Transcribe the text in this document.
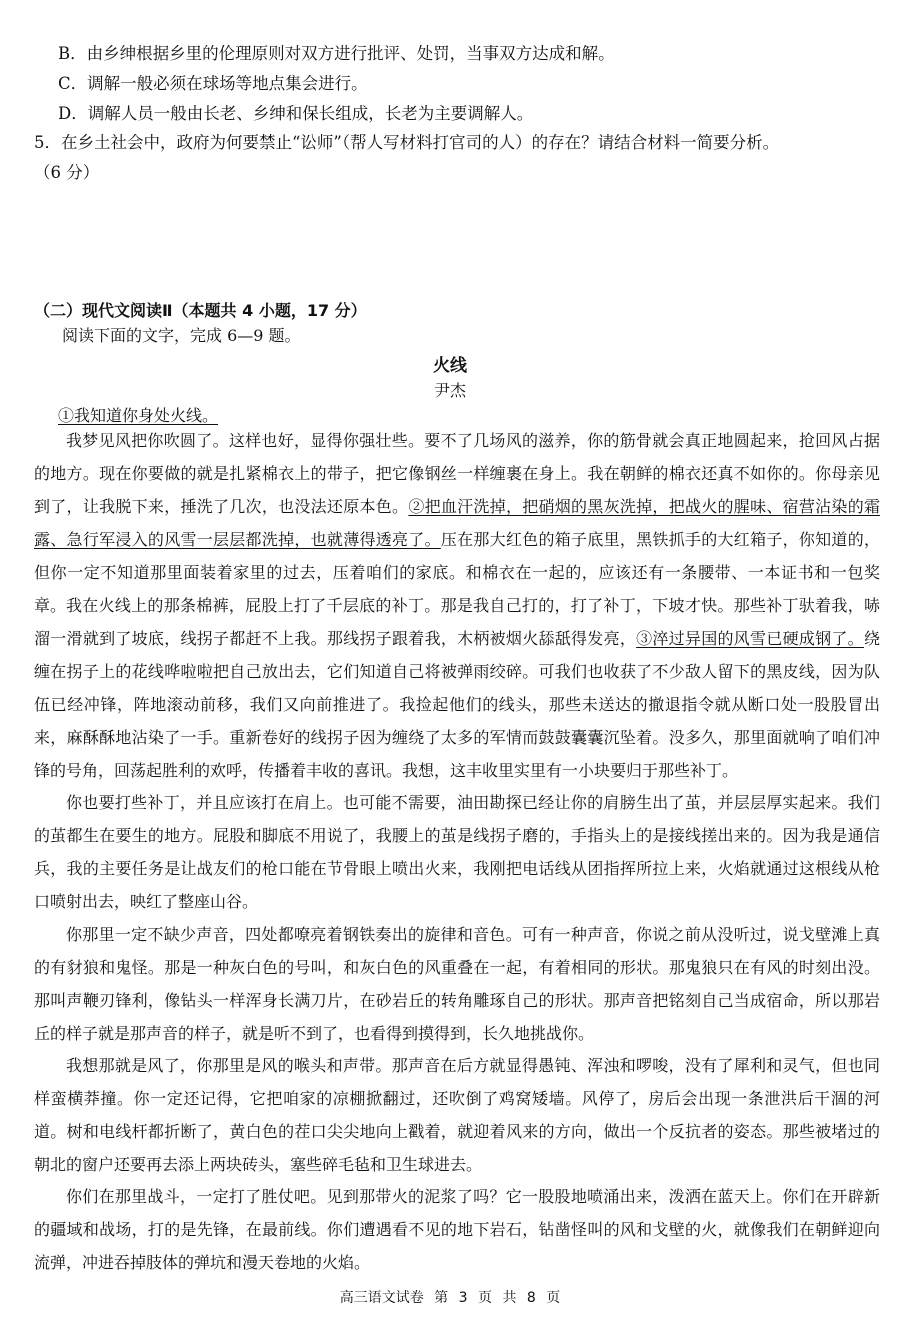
B．由乡绅根据乡里的伦理原则对双方进行批评、处罚，当事双方达成和解。
C．调解一般必须在球场等地点集会进行。
D．调解人员一般由长老、乡绅和保长组成，长老为主要调解人。
5．在乡土社会中，政府为何要禁止“讼师”（帮人写材料打官司的人）的存在？请结合材料一简要分析。
（6 分）
（二）现代文阅读Ⅱ（本题共 4 小题，17 分）
阅读下面的文字，完成 6—9 题。
火线
尹杰
①我知道你身处火线。
我梦见风把你吹圆了。这样也好，显得你强壮些。要不了几场风的滋养，你的筋骨就会真正地圆起来，抢回风占据的地方。现在你要做的就是扎紧棉衣上的带子，把它像钢丝一样缠裹在身上。我在朝鲜的棉衣还真不如你的。你母亲见到了，让我脱下来，捶洗了几次，也没法还原本色。②把血汗洗掉，把硝烟的黑灰洗掉，把战火的腥味、宿营沾染的霜露、急行军浸入的风雪一层层都洗掉，也就薄得透亮了。压在那大红色的箱子底里，黑铁抓手的大红箱子，你知道的，但你一定不知道那里面装着家里的过去，压着咱们的家底。和棉衣在一起的，应该还有一条腰带、一本证书和一包奖章。 我在火线上的那条棉裤，屁股上打了千层底的补丁。那是我自己打的，打了补丁，下坡才快。那些补丁驮着我，哧溜一滑就到了坡底，线拐子都赶不上我。那线拐子跟着我，木柄被烟火舔舐得发亮，③淬过异国的风雪已硬成钢了。绕缠在拐子上的花线哗啦啦把自己放出去，它们知道自己将被弹雨绞碎。可我们也收获了不少敌人留下的黑皮线，因为队伍已经冲锋，阵地滚动前移，我们又向前推进了。我捡起他们的线头，那些未送达的撤退指令就从断口处一股股冒出来，麻酥酥地沾染了一手。重新卷好的线拐子因为缠绕了太多的军情而鼓鼓囊囊沉坠着。没多久，那里面就响了咱们冲锋的号角，回荡起胜利的欢呼，传播着丰收的喜讯。我想，这丰收里实里有一小块要归于那些补丁。
你也要打些补丁，并且应该打在肩上。也可能不需要，油田勘探已经让你的肩膀生出了茧，并层层厚实起来。我们的茧都生在要生的地方。屁股和脚底不用说了，我腰上的茧是线拐子磨的，手指头上的是接线搓出来的。因为我是通信兵，我的主要任务是让战友们的枪口能在节骨眼上喷出火来，我刚把电话线从团指挥所拉上来，火焰就通过这根线从枪口喷射出去，映红了整座山谷。
你那里一定不缺少声音，四处都嘹亮着钢铁奏出的旋律和音色。可有一种声音，你说之前从没听过，说戈壁滩上真的有豺狼和鬼怪。那是一种灰白色的号叫，和灰白色的风重叠在一起，有着相同的形状。那鬼狼只在有风的时刻出没。那叫声鞭刃锋利，像钻头一样浑身长满刀片，在砂岩丘的转角雕琢自己的形状。那声音把铭刻自己当成宿命，所以那岩丘的样子就是那声音的样子，就是听不到了，也看得到摸得到，长久地挑战你。
我想那就是风了，你那里是风的喉头和声带。那声音在后方就显得愚钝、浑浊和啰唆，没有了犀利和灵气，但也同样蛮横莽撞。你一定还记得，它把咱家的凉棚掀翻过，还吹倒了鸡窝矮墙。风停了，房后会出现一条泄洪后干涸的河道。树和电线杆都折断了，黄白色的茬口尖尖地向上戳着，就迎着风来的方向，做出一个反抗者的姿态。那些被堵过的朝北的窗户还要再去添上两块砖头，塞些碎毛毡和卫生球进去。
你们在那里战斗，一定打了胜仗吧。见到那带火的泥浆了吗？它一股股地喷涌出来，泼洒在蓝天上。你们在开辟新的疆域和战场，打的是先锋，在最前线。你们遭遇看不见的地下岩石，钻凿怪叫的风和戈壁的火，就像我们在朝鲜迎向流弹，冲进吞掉肢体的弹坑和漫天卷地的火焰。
高三语文试卷 第 3 页 共 8 页
